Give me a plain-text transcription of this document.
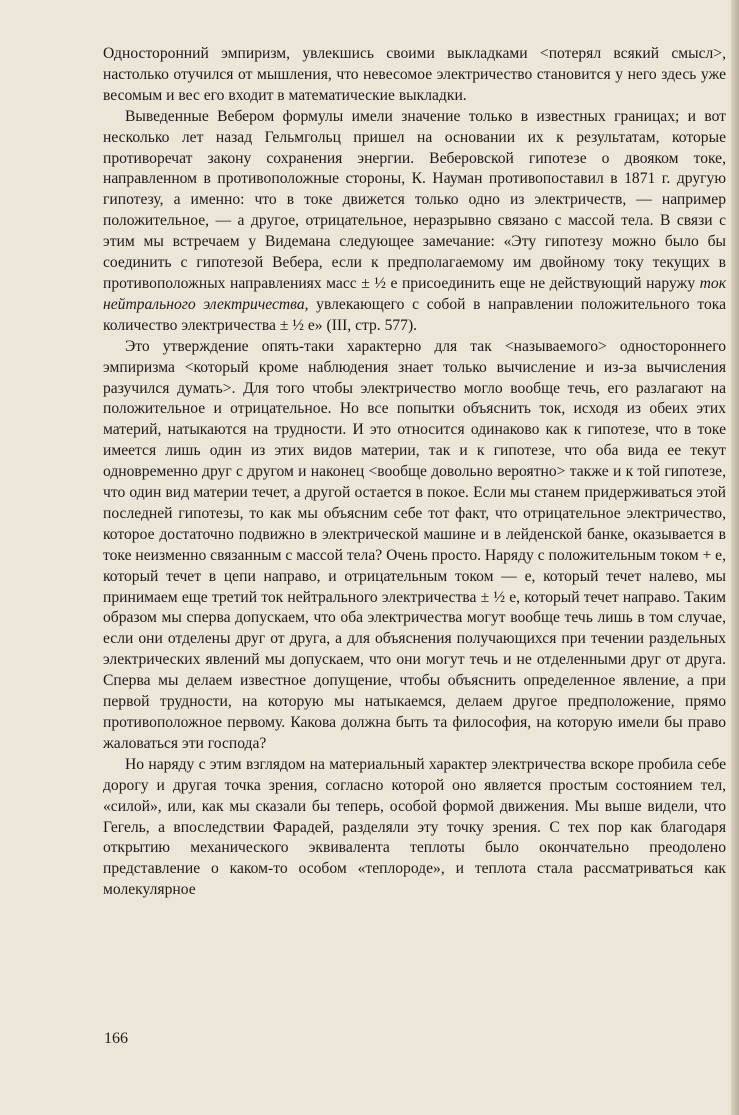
Односторонний эмпиризм, увлекшись своими выкладками <потерял всякий смысл>, настолько отучился от мышления, что невесомое электричество становится у него здесь уже весомым и вес его входит в математические выкладки.

Выведенные Вебером формулы имели значение только в известных границах; и вот несколько лет назад Гельмгольц пришел на основании их к результатам, которые противоречат закону сохранения энергии. Веберовской гипотезе о двояком токе, направленном в противоположные стороны, К. Науман противопоставил в 1871 г. другую гипотезу, а именно: что в токе движется только одно из электричеств, — например положительное, — а другое, отрицательное, неразрывно связано с массой тела. В связи с этим мы встречаем у Видемана следующее замечание: «Эту гипотезу можно было бы соединить с гипотезой Вебера, если к предполагаемому им двойному току текущих в противоположных направлениях масс ± ½ e присоединить еще не действующий наружу ток нейтрального электричества, увлекающего с собой в направлении положительного тока количество электричества ± ½ e» (III, стр. 577).

Это утверждение опять-таки характерно для так <называемого> одностороннего эмпиризма <который кроме наблюдения знает только вычисление и из-за вычисления разучился думать>. Для того чтобы электричество могло вообще течь, его разлагают на положительное и отрицательное. Но все попытки объяснить ток, исходя из обеих этих материй, натыкаются на трудности. И это относится одинаково как к гипотезе, что в токе имеется лишь один из этих видов материи, так и к гипотезе, что оба вида ее текут одновременно друг с другом и наконец <вообще довольно вероятно> также и к той гипотезе, что один вид материи течет, а другой остается в покое. Если мы станем придерживаться этой последней гипотезы, то как мы объясним себе тот факт, что отрицательное электричество, которое достаточно подвижно в электрической машине и в лейденской банке, оказывается в токе неизменно связанным с массой тела? Очень просто. Наряду с положительным током + e, который течет в цепи направо, и отрицательным током — e, который течет налево, мы принимаем еще третий ток нейтрального электричества ± ½ e, который течет направо. Таким образом мы сперва допускаем, что оба электричества могут вообще течь лишь в том случае, если они отделены друг от друга, а для объяснения получающихся при течении раздельных электрических явлений мы допускаем, что они могут течь и не отделенными друг от друга. Сперва мы делаем известное допущение, чтобы объяснить определенное явление, а при первой трудности, на которую мы натыкаемся, делаем другое предположение, прямо противоположное первому. Какова должна быть та философия, на которую имели бы право жаловаться эти господа?

Но наряду с этим взглядом на материальный характер электричества вскоре пробила себе дорогу и другая точка зрения, согласно которой оно является простым состоянием тел, «силой», или, как мы сказали бы теперь, особой формой движения. Мы выше видели, что Гегель, а впоследствии Фарадей, разделяли эту точку зрения. С тех пор как благодаря открытию механического эквивалента теплоты было окончательно преодолено представление о каком-то особом «теплороде», и теплота стала рассматриваться как молекулярное

166
